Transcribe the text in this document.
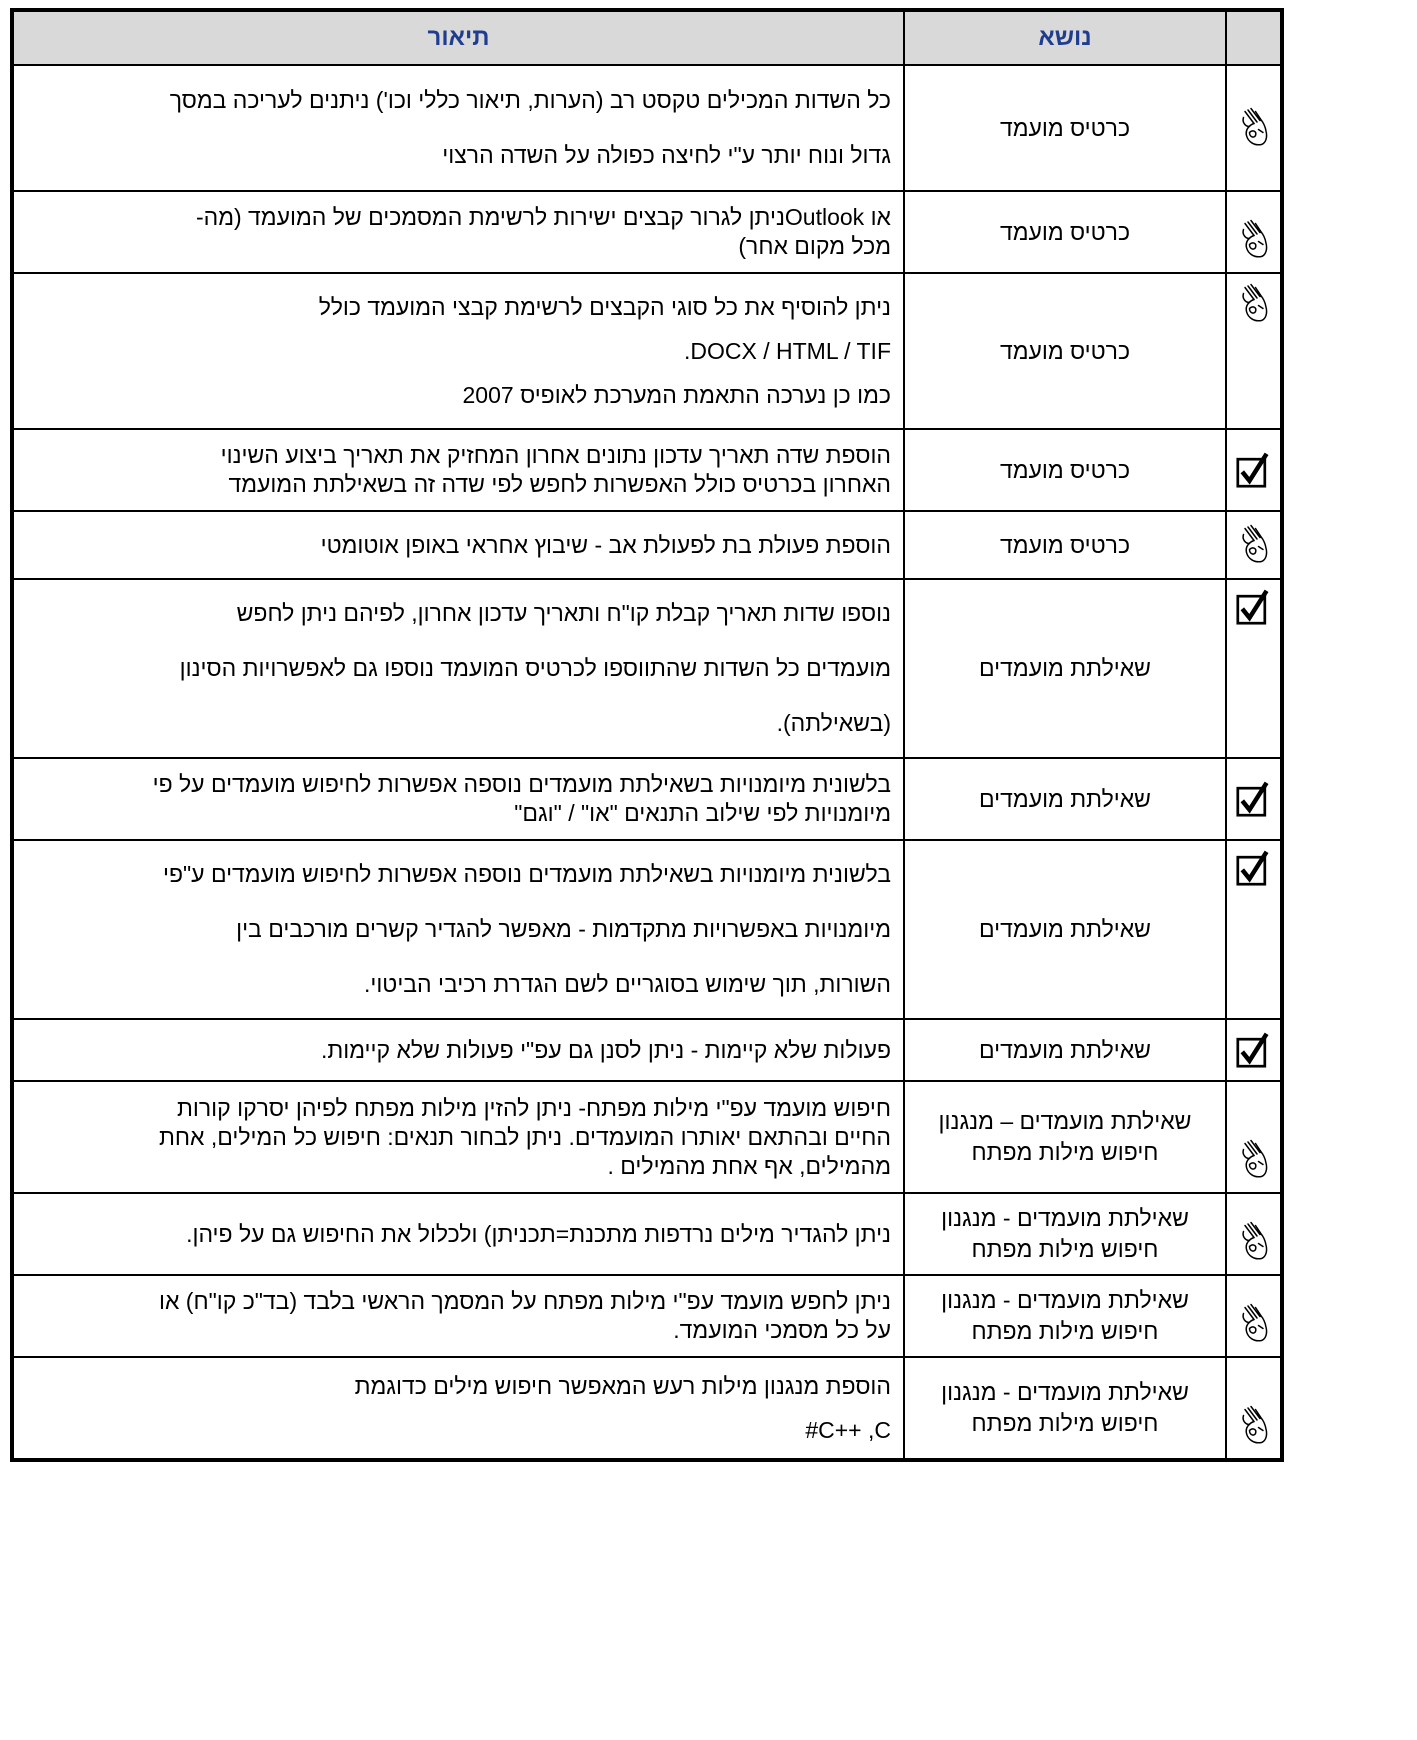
	נושא	תיאור

	כרטיס מועמד	כל השדות המכילים טקסט רב (הערות, תיאור כללי וכו') ניתנים לעריכה במסך
גדול ונוח יותר ע"י לחיצה כפולה על השדה הרצוי

	כרטיס מועמד	או Outlookניתן לגרור קבצים ישירות לרשימת המסמכים של המועמד (מה-
מכל מקום אחר)

	כרטיס מועמד	ניתן להוסיף את כל סוגי הקבצים לרשימת קבצי המועמד כולל
DOCX / HTML / TIF.
כמו כן נערכה התאמת המערכת לאופיס 2007

	כרטיס מועמד	הוספת שדה תאריך עדכון נתונים אחרון המחזיק את תאריך ביצוע השינוי
האחרון בכרטיס כולל האפשרות לחפש לפי שדה זה בשאילתת המועמד

	כרטיס מועמד	הוספת פעולת בת לפעולת אב - שיבוץ אחראי באופן אוטומטי

	שאילתת מועמדים	נוספו שדות תאריך קבלת קו"ח ותאריך עדכון אחרון, לפיהם ניתן לחפש
מועמדים כל השדות שהתווספו לכרטיס המועמד נוספו גם לאפשרויות הסינון
(בשאילתה).

	שאילתת מועמדים	בלשונית מיומנויות בשאילתת מועמדים נוספה אפשרות לחיפוש מועמדים על פי
מיומנויות לפי שילוב התנאים "או" / "וגם"

	שאילתת מועמדים	בלשונית מיומנויות בשאילתת מועמדים נוספה אפשרות לחיפוש מועמדים ע"פי
מיומנויות באפשרויות מתקדמות - מאפשר להגדיר קשרים מורכבים בין
השורות, תוך שימוש בסוגריים לשם הגדרת רכיבי הביטוי.

	שאילתת מועמדים	פעולות שלא קיימות - ניתן לסנן גם עפ"י פעולות שלא קיימות.

	שאילתת מועמדים – מנגנון חיפוש מילות מפתח	חיפוש מועמד עפ"י מילות מפתח- ניתן להזין מילות מפתח לפיהן יסרקו קורות
החיים ובהתאם יאותרו המועמדים. ניתן לבחור תנאים: חיפוש כל המילים, אחת
מהמילים, אף אחת מהמילים .

	שאילתת מועמדים - מנגנון חיפוש מילות מפתח	ניתן להגדיר מילים נרדפות מתכנת=תכניתן) ולכלול את החיפוש גם על פיהן.

	שאילתת מועמדים - מנגנון חיפוש מילות מפתח	ניתן לחפש מועמד עפ"י מילות מפתח על המסמך הראשי בלבד (בד"כ קו"ח) או
על כל מסמכי המועמד.

	שאילתת מועמדים - מנגנון חיפוש מילות מפתח	הוספת מנגנון מילות רעש המאפשר חיפוש מילים כדוגמת
C++ ,C#
